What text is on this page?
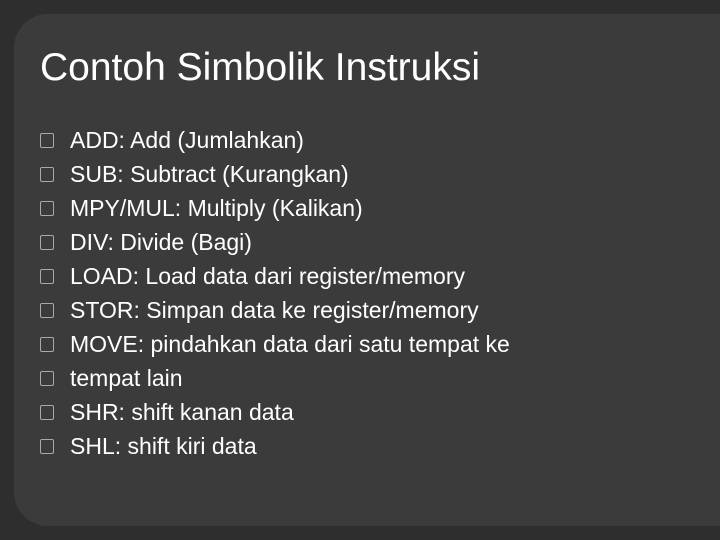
Contoh Simbolik Instruksi
ADD: Add (Jumlahkan)
SUB: Subtract (Kurangkan)
MPY/MUL: Multiply (Kalikan)
DIV: Divide (Bagi)
LOAD: Load data dari register/memory
STOR: Simpan data ke register/memory
MOVE: pindahkan data dari satu tempat ke
tempat lain
SHR: shift kanan data
SHL: shift kiri data
